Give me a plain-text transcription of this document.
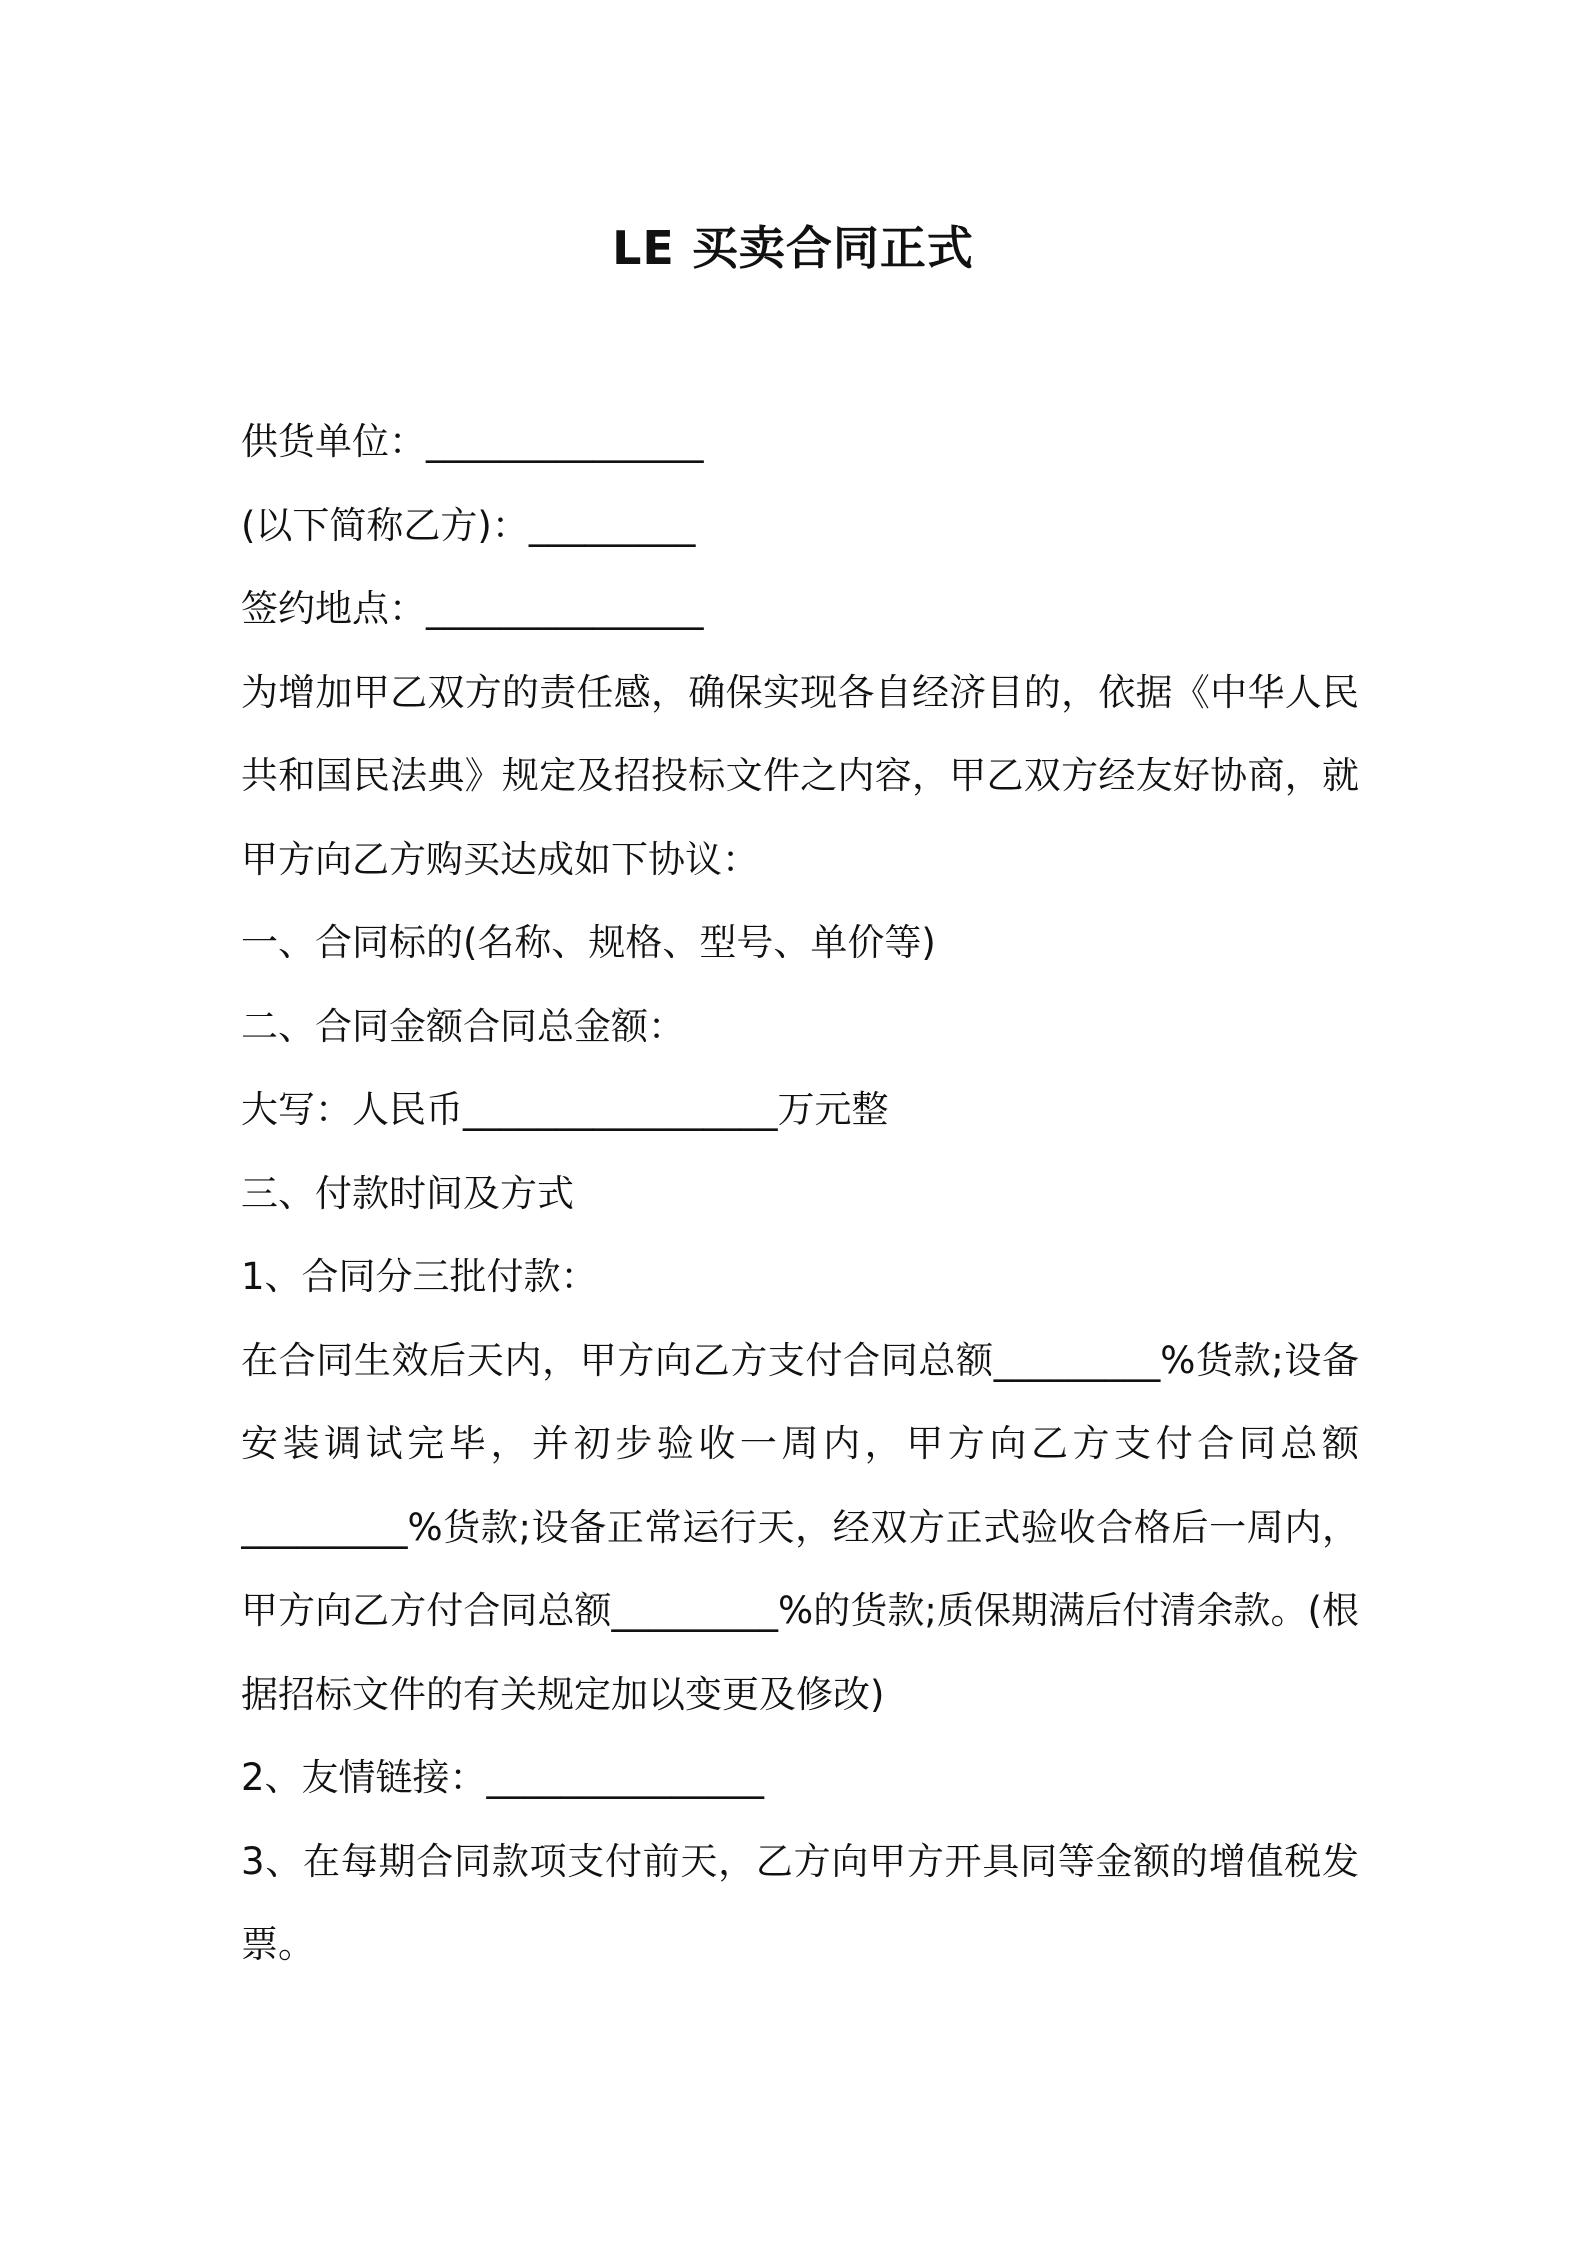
LE 买卖合同正式
供货单位：_______________
(以下简称乙方)：_________
签约地点：_______________
为增加甲乙双方的责任感，确保实现各自经济目的，依据《中华人民
共和国民法典》规定及招投标文件之内容，甲乙双方经友好协商，就
甲方向乙方购买达成如下协议：
一、合同标的(名称、规格、型号、单价等)
二、合同金额合同总金额：
大写：人民币_________________万元整
三、付款时间及方式
1、合同分三批付款：
在合同生效后天内，甲方向乙方支付合同总额_________%货款;设备
安装调试完毕，并初步验收一周内，甲方向乙方支付合同总额
_________%货款;设备正常运行天，经双方正式验收合格后一周内，
甲方向乙方付合同总额_________%的货款;质保期满后付清余款。(根
据招标文件的有关规定加以变更及修改)
2、友情链接：_______________
3、在每期合同款项支付前天，乙方向甲方开具同等金额的增值税发
票。
